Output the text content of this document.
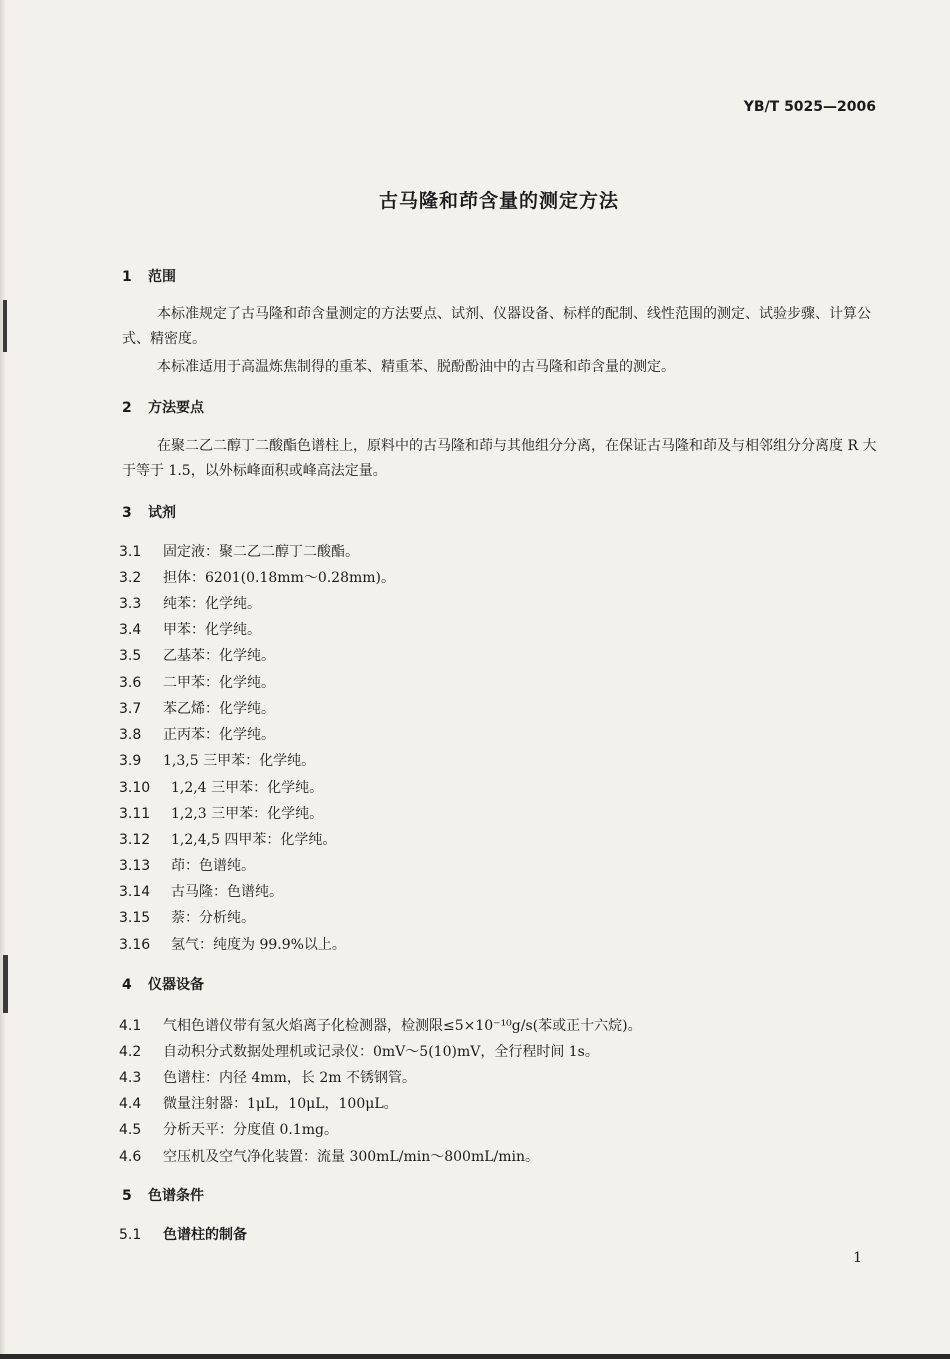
YB/T 5025—2006
古马隆和茚含量的测定方法
1 范围
本标准规定了古马隆和茚含量测定的方法要点、试剂、仪器设备、标样的配制、线性范围的测定、试验步骤、计算公式、精密度。
本标准适用于高温炼焦制得的重苯、精重苯、脱酚酚油中的古马隆和茚含量的测定。
2 方法要点
在聚二乙二醇丁二酸酯色谱柱上，原料中的古马隆和茚与其他组分分离，在保证古马隆和茚及与相邻组分分离度 R 大于等于 1.5，以外标峰面积或峰高法定量。
3 试剂
3.1 固定液：聚二乙二醇丁二酸酯。
3.2 担体：6201(0.18mm～0.28mm)。
3.3 纯苯：化学纯。
3.4 甲苯：化学纯。
3.5 乙基苯：化学纯。
3.6 二甲苯：化学纯。
3.7 苯乙烯：化学纯。
3.8 正丙苯：化学纯。
3.9 1,3,5 三甲苯：化学纯。
3.10 1,2,4 三甲苯：化学纯。
3.11 1,2,3 三甲苯：化学纯。
3.12 1,2,4,5 四甲苯：化学纯。
3.13 茚：色谱纯。
3.14 古马隆：色谱纯。
3.15 萘：分析纯。
3.16 氢气：纯度为 99.9%以上。
4 仪器设备
4.1 气相色谱仪带有氢火焰离子化检测器，检测限≤5×10⁻¹⁰g/s(苯或正十六烷)。
4.2 自动积分式数据处理机或记录仪：0mV～5(10)mV，全行程时间 1s。
4.3 色谱柱：内径 4mm，长 2m 不锈钢管。
4.4 微量注射器：1μL，10μL，100μL。
4.5 分析天平：分度值 0.1mg。
4.6 空压机及空气净化装置：流量 300mL/min～800mL/min。
5 色谱条件
5.1 色谱柱的制备
1
